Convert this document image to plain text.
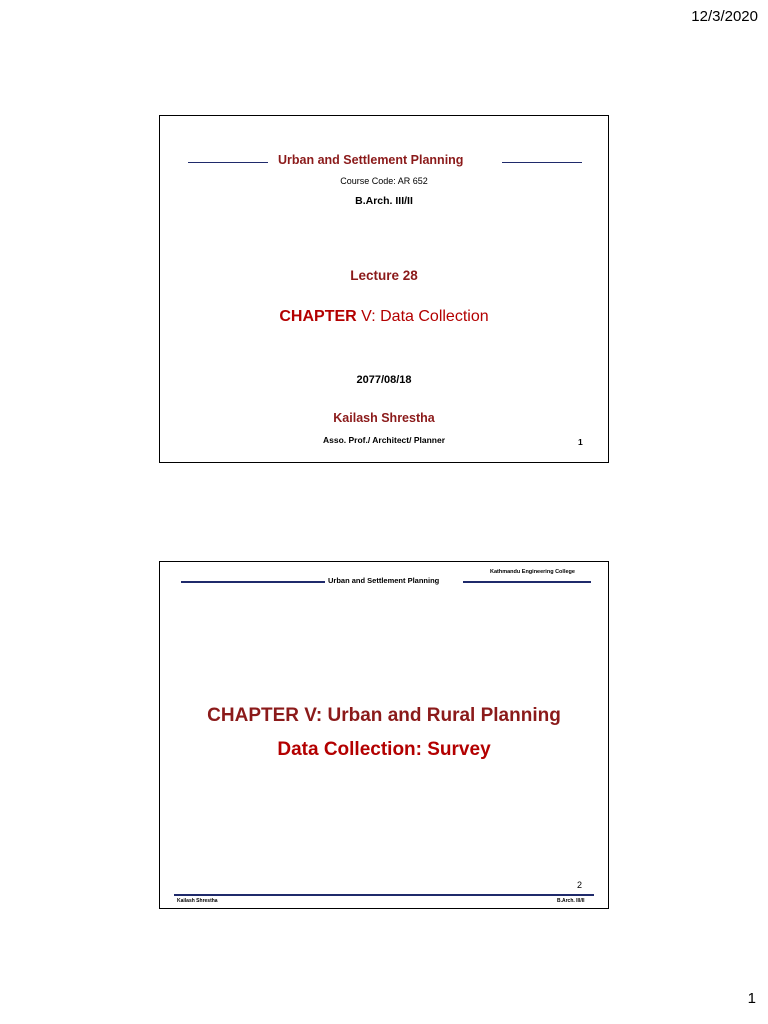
12/3/2020
Urban and Settlement Planning
Course Code: AR 652
B.Arch. III/II
Lecture 28
CHAPTER V: Data Collection
2077/08/18
Kailash Shrestha
Asso. Prof./ Architect/ Planner	1
Kathmandu Engineering College
Urban and Settlement Planning
CHAPTER V: Urban and Rural Planning
Data Collection: Survey
2
Kailash Shrestha	B.Arch. III/II
1
